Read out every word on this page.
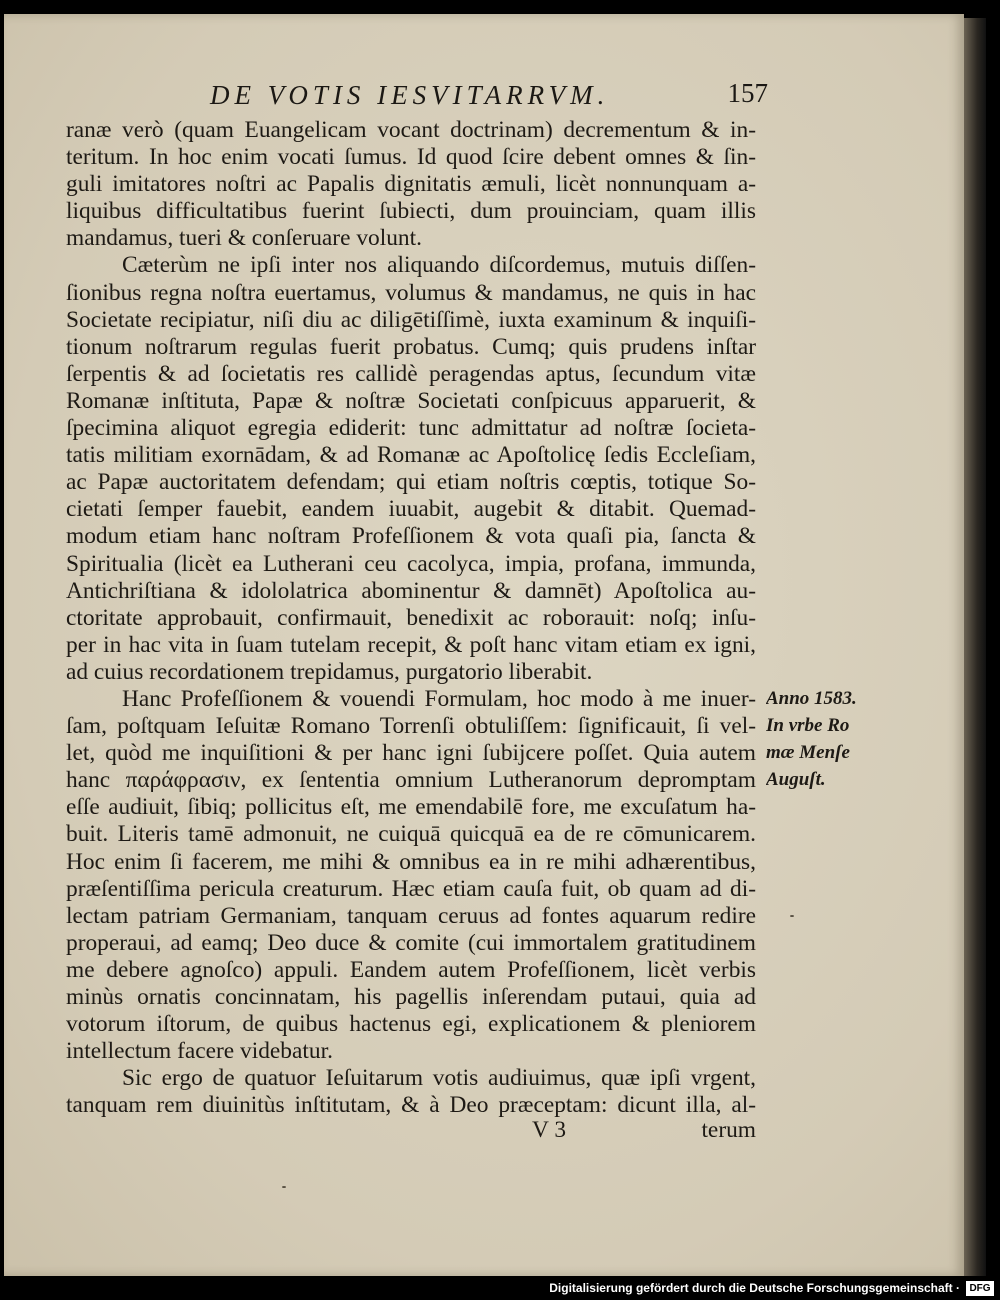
DE VOTIS IESVITARRVM.	157
ranæ verò (quam Euangelicam vocant doctrinam) decrementum & in-
teritum. In hoc enim vocati ſumus. Id quod ſcire debent omnes & ſin-
guli imitatores noſtri ac Papalis dignitatis æmuli, licèt nonnunquam a-
liquibus difficultatibus fuerint ſubiecti, dum prouinciam, quam illis
mandamus, tueri & conſeruare volunt.
Cæterùm ne ipſi inter nos aliquando diſcordemus, mutuis diſſen-
ſionibus regna noſtra euertamus, volumus & mandamus, ne quis in hac
Societate recipiatur, niſi diu ac diligētiſſimè, iuxta examinum & inquiſi-
tionum noſtrarum regulas fuerit probatus. Cumq; quis prudens inſtar
ſerpentis & ad ſocietatis res callidè peragendas aptus, ſecundum vitæ
Romanæ inſtituta, Papæ & noſtræ Societati conſpicuus apparuerit, &
ſpecimina aliquot egregia ediderit: tunc admittatur ad noſtræ ſocieta-
tatis militiam exornādam, & ad Romanæ ac Apoſtolicę ſedis Eccleſiam,
ac Papæ auctoritatem defendam; qui etiam noſtris cœptis, totique So-
cietati ſemper fauebit, eandem iuuabit, augebit & ditabit. Quemad-
modum etiam hanc noſtram Profeſſionem & vota quaſi pia, ſancta &
Spiritualia (licèt ea Lutherani ceu cacolyca, impia, profana, immunda,
Antichriſtiana & idololatrica abominentur & damnēt) Apoſtolica au-
ctoritate approbauit, confirmauit, benedixit ac roborauit: noſq; inſu-
per in hac vita in ſuam tutelam recepit, & poſt hanc vitam etiam ex igni,
ad cuius recordationem trepidamus, purgatorio liberabit.
Hanc Profeſſionem & vouendi Formulam, hoc modo à me inuer-
ſam, poſtquam Ieſuitæ Romano Torrenſi obtuliſſem: ſignificauit, ſi vel-
let, quòd me inquiſitioni & per hanc igni ſubijcere poſſet. Quia autem
hanc παράφρασιν, ex ſententia omnium Lutheranorum depromptam
eſſe audiuit, ſibiq; pollicitus eſt, me emendabilē fore, me excuſatum ha-
buit. Literis tamē admonuit, ne cuiquā quicquā ea de re cōmunicarem.
Hoc enim ſi facerem, me mihi & omnibus ea in re mihi adhærentibus,
præſentiſſima pericula creaturum. Hæc etiam cauſa fuit, ob quam ad di-
lectam patriam Germaniam, tanquam ceruus ad fontes aquarum redire
properaui, ad eamq; Deo duce & comite (cui immortalem gratitudinem
me debere agnoſco) appuli. Eandem autem Profeſſionem, licèt verbis
minùs ornatis concinnatam, his pagellis inſerendam putaui, quia ad
votorum iſtorum, de quibus hactenus egi, explicationem & pleniorem
intellectum facere videbatur.
Sic ergo de quatuor Ieſuitarum votis audiuimus, quæ ipſi vrgent,
tanquam rem diuinitùs inſtitutam, & à Deo præceptam: dicunt illa, al-
Anno 1583.
In vrbe Ro
mæ Menſe
Auguſt.
V 3	terum
Digitalisierung gefördert durch die Deutsche Forschungsgemeinschaft · DFG
